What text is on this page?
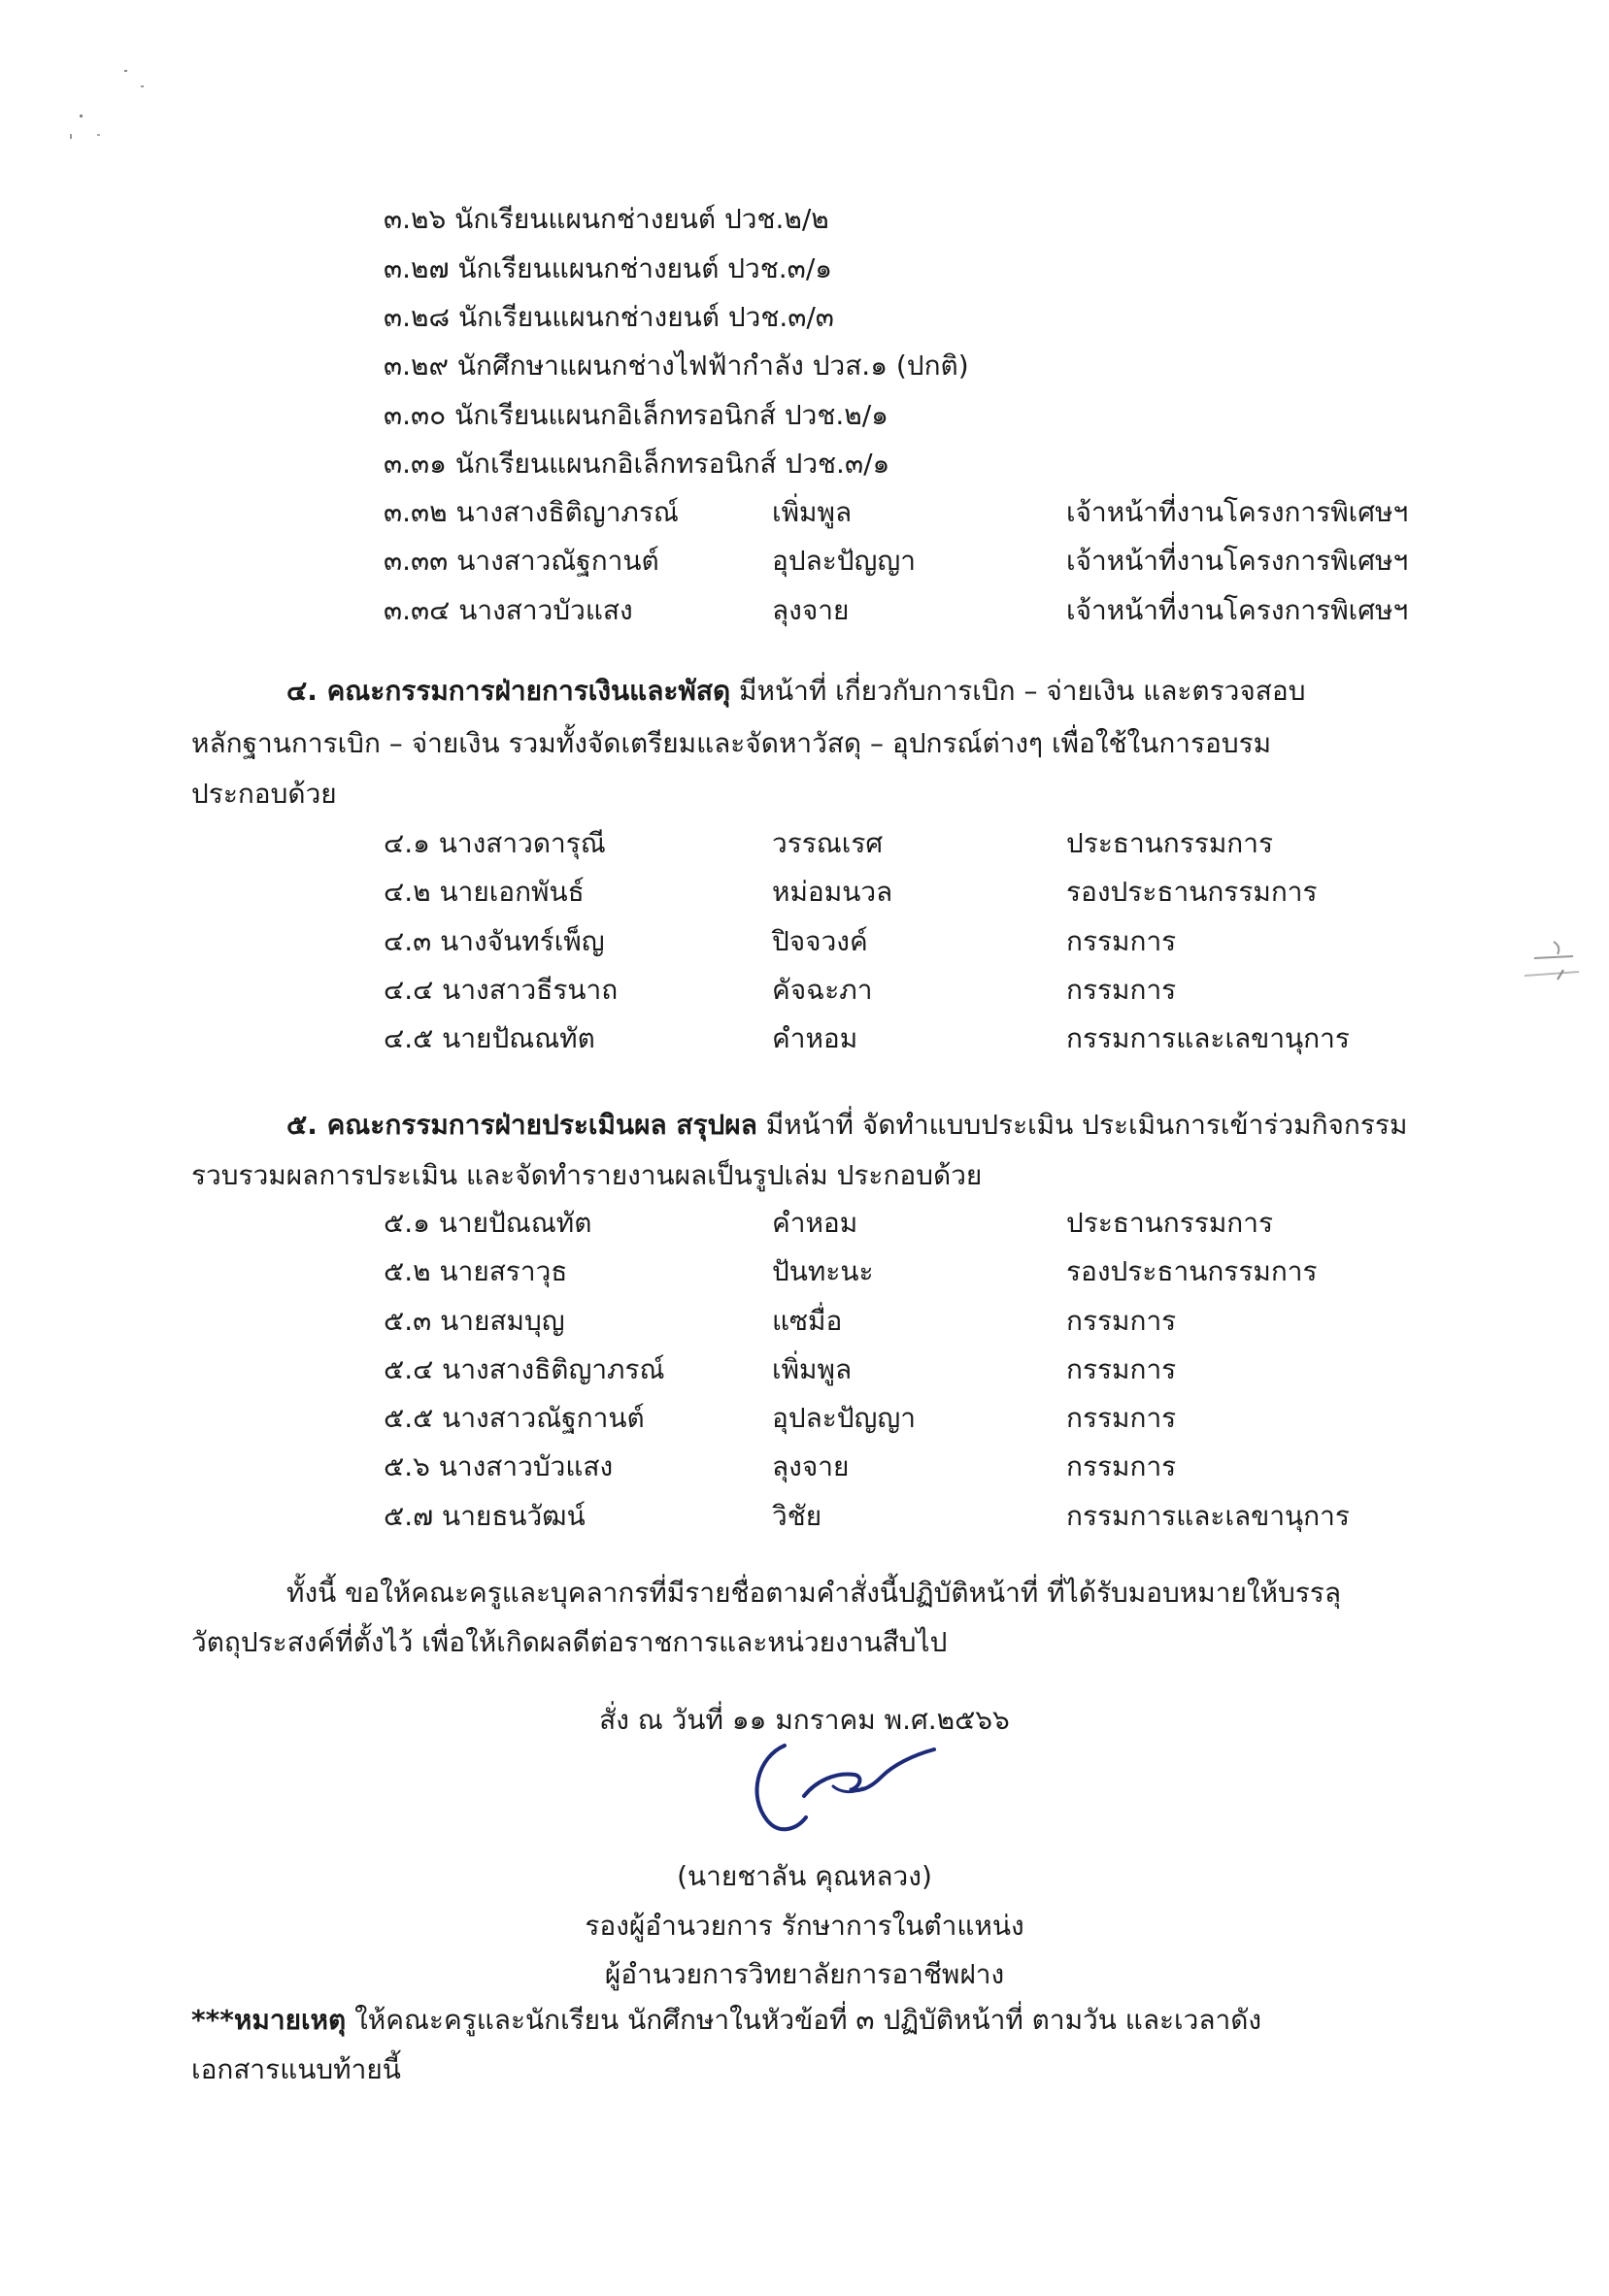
๓.๒๖ นักเรียนแผนกช่างยนต์ ปวช.๒/๒
๓.๒๗ นักเรียนแผนกช่างยนต์ ปวช.๓/๑
๓.๒๘ นักเรียนแผนกช่างยนต์ ปวช.๓/๓
๓.๒๙ นักศึกษาแผนกช่างไฟฟ้ากำลัง ปวส.๑ (ปกติ)
๓.๓๐ นักเรียนแผนกอิเล็กทรอนิกส์ ปวช.๒/๑
๓.๓๑ นักเรียนแผนกอิเล็กทรอนิกส์ ปวช.๓/๑
๓.๓๒ นางสางธิติญาภรณ์	เพิ่มพูล	เจ้าหน้าที่งานโครงการพิเศษฯ
๓.๓๓ นางสาวณัฐกานต์	อุปละปัญญา	เจ้าหน้าที่งานโครงการพิเศษฯ
๓.๓๔ นางสาวบัวแสง	ลุงจาย	เจ้าหน้าที่งานโครงการพิเศษฯ
๔. คณะกรรมการฝ่ายการเงินและพัสดุ มีหน้าที่ เกี่ยวกับการเบิก – จ่ายเงิน และตรวจสอบ
หลักฐานการเบิก – จ่ายเงิน รวมทั้งจัดเตรียมและจัดหาวัสดุ – อุปกรณ์ต่างๆ เพื่อใช้ในการอบรม
ประกอบด้วย
๔.๑ นางสาวดารุณี	วรรณเรศ	ประธานกรรมการ
๔.๒ นายเอกพันธ์	หม่อมนวล	รองประธานกรรมการ
๔.๓ นางจันทร์เพ็ญ	ปิจจวงค์	กรรมการ
๔.๔ นางสาวธีรนาถ	คัจฉะภา	กรรมการ
๔.๕ นายปัณณทัต	คำหอม	กรรมการและเลขานุการ
๕. คณะกรรมการฝ่ายประเมินผล สรุปผล มีหน้าที่ จัดทำแบบประเมิน ประเมินการเข้าร่วมกิจกรรม
รวบรวมผลการประเมิน และจัดทำรายงานผลเป็นรูปเล่ม ประกอบด้วย
๕.๑ นายปัณณทัต	คำหอม	ประธานกรรมการ
๕.๒ นายสราวุธ	ปันทะนะ	รองประธานกรรมการ
๕.๓ นายสมบุญ	แซมื่อ	กรรมการ
๕.๔ นางสางธิติญาภรณ์	เพิ่มพูล	กรรมการ
๕.๕ นางสาวณัฐกานต์	อุปละปัญญา	กรรมการ
๕.๖ นางสาวบัวแสง	ลุงจาย	กรรมการ
๕.๗ นายธนวัฒน์	วิชัย	กรรมการและเลขานุการ
ทั้งนี้ ขอให้คณะครูและบุคลากรที่มีรายชื่อตามคำสั่งนี้ปฏิบัติหน้าที่ ที่ได้รับมอบหมายให้บรรลุ
วัตถุประสงค์ที่ตั้งไว้ เพื่อให้เกิดผลดีต่อราชการและหน่วยงานสืบไป
สั่ง ณ วันที่ ๑๑ มกราคม พ.ศ.๒๕๖๖
(นายชาลัน คุณหลวง)
รองผู้อำนวยการ รักษาการในตำแหน่ง
ผู้อำนวยการวิทยาลัยการอาชีพฝาง
***หมายเหตุ ให้คณะครูและนักเรียน นักศึกษาในหัวข้อที่ ๓ ปฏิบัติหน้าที่ ตามวัน และเวลาดัง
เอกสารแนบท้ายนี้
